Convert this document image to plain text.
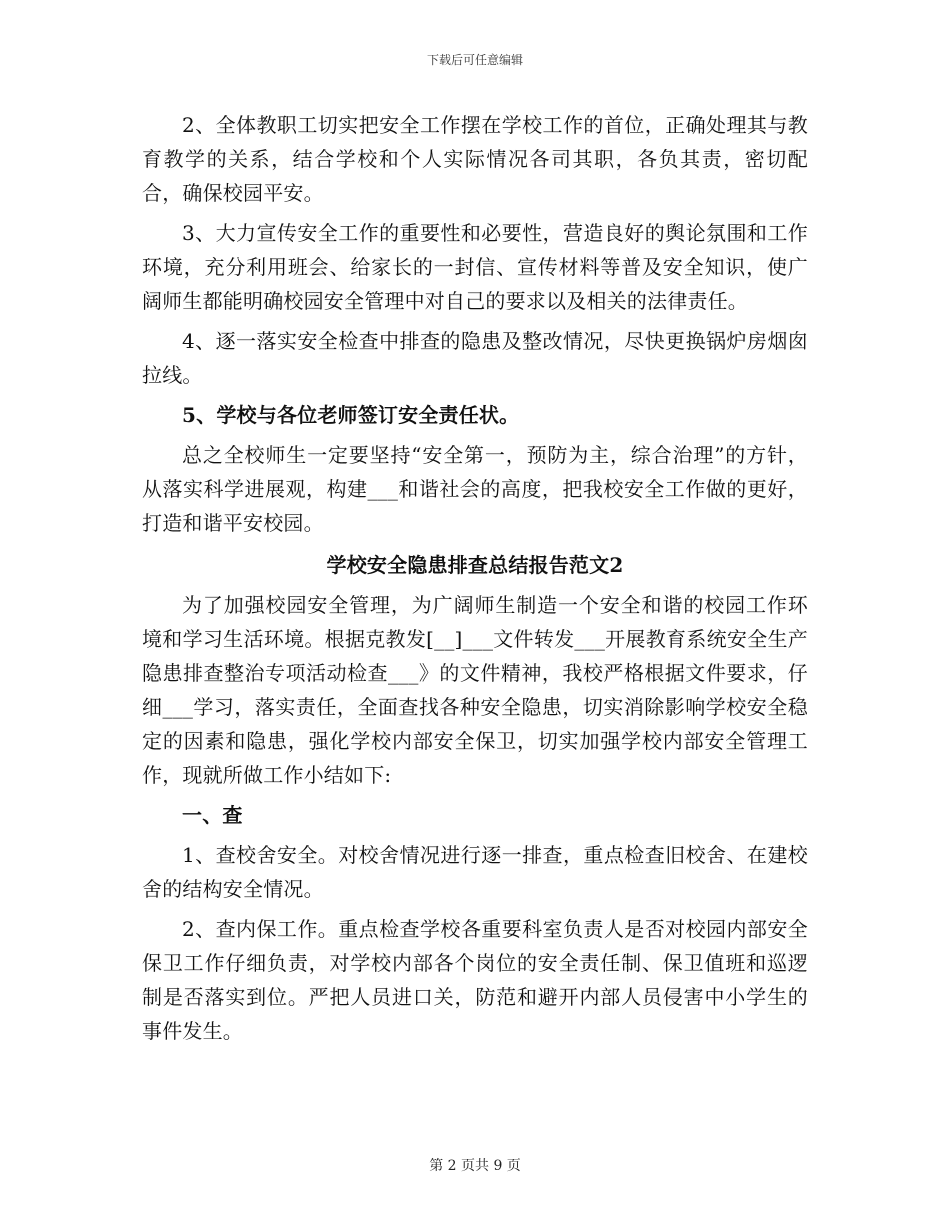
下载后可任意编辑

2、全体教职工切实把安全工作摆在学校工作的首位，正确处理其与教育教学的关系，结合学校和个人实际情况各司其职，各负其责，密切配合，确保校园平安。

3、大力宣传安全工作的重要性和必要性，营造良好的舆论氛围和工作环境，充分利用班会、给家长的一封信、宣传材料等普及安全知识，使广阔师生都能明确校园安全管理中对自己的要求以及相关的法律责任。

4、逐一落实安全检查中排查的隐患及整改情况，尽快更换锅炉房烟囱拉线。

5、学校与各位老师签订安全责任状。

总之全校师生一定要坚持“安全第一，预防为主，综合治理”的方针，从落实科学进展观，构建___和谐社会的高度，把我校安全工作做的更好，打造和谐平安校园。

学校安全隐患排查总结报告范文2

为了加强校园安全管理，为广阔师生制造一个安全和谐的校园工作环境和学习生活环境。根据克教发[__]___文件转发___开展教育系统安全生产隐患排查整治专项活动检查___》的文件精神，我校严格根据文件要求，仔细___学习，落实责任，全面查找各种安全隐患，切实消除影响学校安全稳定的因素和隐患，强化学校内部安全保卫，切实加强学校内部安全管理工作，现就所做工作小结如下:

一、查

1、查校舍安全。对校舍情况进行逐一排查，重点检查旧校舍、在建校舍的结构安全情况。

2、查内保工作。重点检查学校各重要科室负责人是否对校园内部安全保卫工作仔细负责，对学校内部各个岗位的安全责任制、保卫值班和巡逻制是否落实到位。严把人员进口关，防范和避开内部人员侵害中小学生的事件发生。

第 2 页共 9 页
